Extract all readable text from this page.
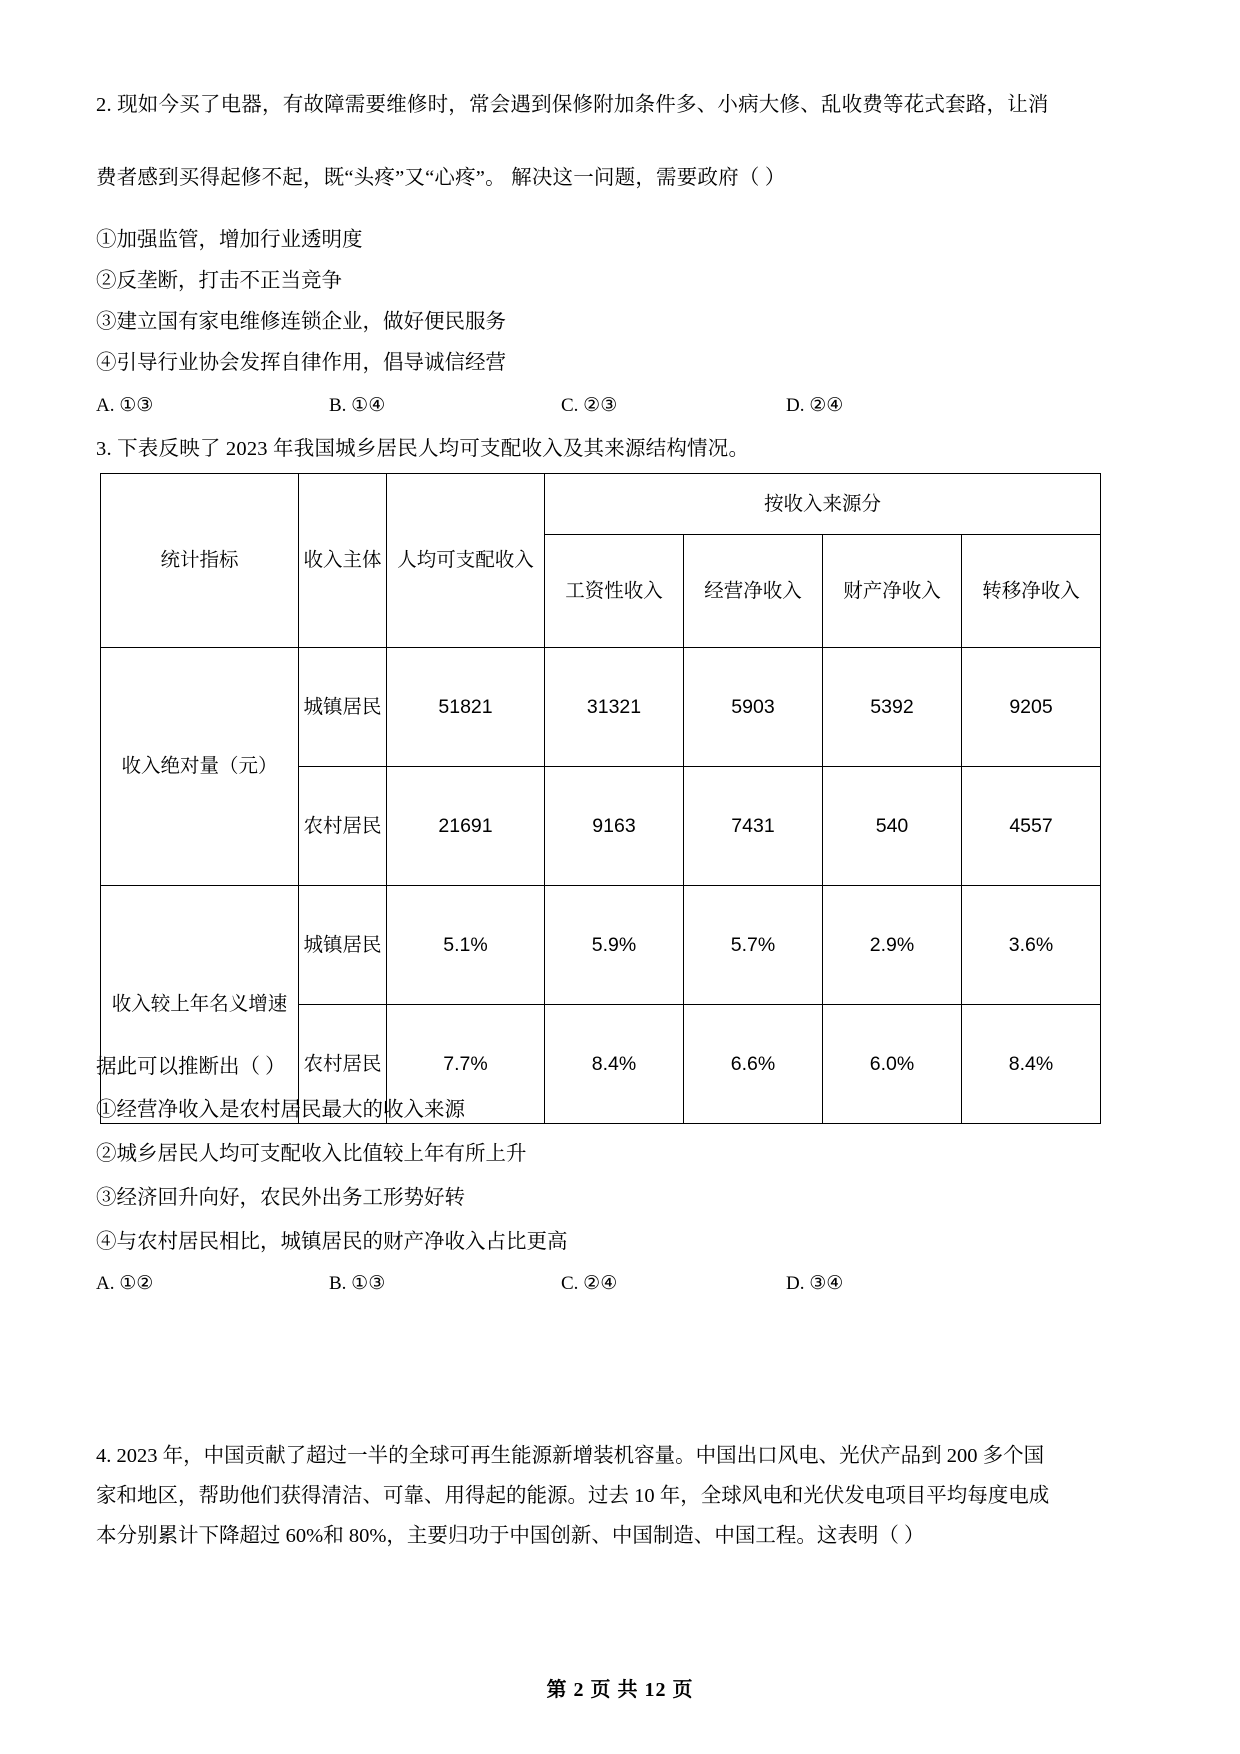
2. 现如今买了电器，有故障需要维修时，常会遇到保修附加条件多、小病大修、乱收费等花式套路，让消
费者感到买得起修不起，既“头疼”又“心疼”。 解决这一问题，需要政府（ ）
①加强监管，增加行业透明度
②反垄断，打击不正当竞争
③建立国有家电维修连锁企业，做好便民服务
④引导行业协会发挥自律作用，倡导诚信经营
A. ①③	B. ①④	C. ②③	D. ②④
3. 下表反映了 2023 年我国城乡居民人均可支配收入及其来源结构情况。
统计指标	收入主体	人均可支配收入	按收入来源分			
			工资性收入	经营净收入	财产净收入	转移净收入
收入绝对量（元）	城镇居民	51821	31321	5903	5392	9205
	农村居民	21691	9163	7431	540	4557
收入较上年名义增速	城镇居民	5.1%	5.9%	5.7%	2.9%	3.6%
	农村居民	7.7%	8.4%	6.6%	6.0%	8.4%
据此可以推断出（ ）
①经营净收入是农村居民最大的收入来源
②城乡居民人均可支配收入比值较上年有所上升
③经济回升向好，农民外出务工形势好转
④与农村居民相比，城镇居民的财产净收入占比更高
A. ①②	B. ①③	C. ②④	D. ③④
4. 2023 年，中国贡献了超过一半的全球可再生能源新增装机容量。中国出口风电、光伏产品到 200 多个国
家和地区，帮助他们获得清洁、可靠、用得起的能源。过去 10 年，全球风电和光伏发电项目平均每度电成
本分别累计下降超过 60%和 80%，主要归功于中国创新、中国制造、中国工程。这表明（ ）
第 2 页 共 12 页
